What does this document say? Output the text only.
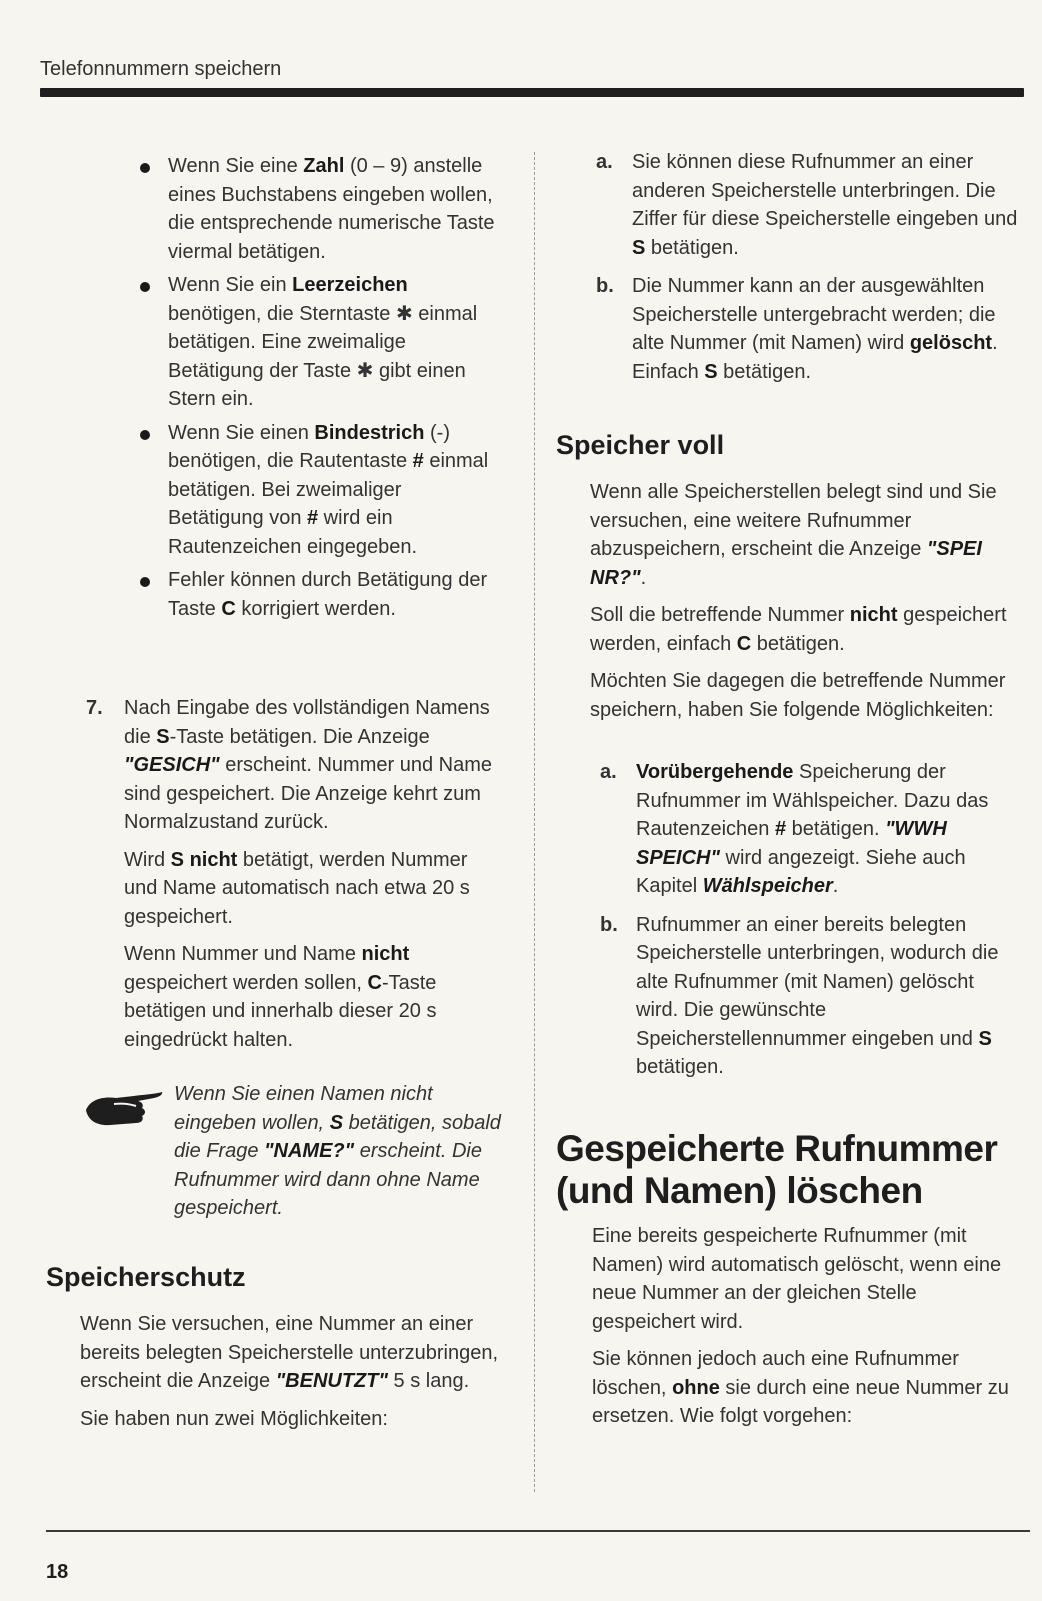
Telefonnummern speichern
Wenn Sie eine Zahl (0 – 9) anstelle eines Buchstabens eingeben wollen, die entsprechende numerische Taste viermal betätigen.
Wenn Sie ein Leerzeichen benötigen, die Sterntaste ✱ einmal betätigen. Eine zweimalige Betätigung der Taste ✱ gibt einen Stern ein.
Wenn Sie einen Bindestrich (-) benötigen, die Rautentaste # einmal betätigen. Bei zweimaliger Betätigung von # wird ein Rautenzeichen eingegeben.
Fehler können durch Betätigung der Taste C korrigiert werden.
7. Nach Eingabe des vollständigen Namens die S-Taste betätigen. Die Anzeige "GESICH" erscheint. Nummer und Name sind gespeichert. Die Anzeige kehrt zum Normalzustand zurück.

Wird S nicht betätigt, werden Nummer und Name automatisch nach etwa 20 s gespeichert.

Wenn Nummer und Name nicht gespeichert werden sollen, C-Taste betätigen und innerhalb dieser 20 s eingedrückt halten.

Wenn Sie einen Namen nicht eingeben wollen, S betätigen, sobald die Frage "NAME?" erscheint. Die Rufnummer wird dann ohne Name gespeichert.
Speicherschutz

Wenn Sie versuchen, eine Nummer an einer bereits belegten Speicherstelle unterzubringen, erscheint die Anzeige "BENUTZT" 5 s lang.

Sie haben nun zwei Möglichkeiten:

a. Sie können diese Rufnummer an einer anderen Speicherstelle unterbringen. Die Ziffer für diese Speicherstelle eingeben und S betätigen.
b. Die Nummer kann an der ausgewählten Speicherstelle untergebracht werden; die alte Nummer (mit Namen) wird gelöscht. Einfach S betätigen.
Speicher voll

Wenn alle Speicherstellen belegt sind und Sie versuchen, eine weitere Rufnummer abzuspeichern, erscheint die Anzeige "SPEI NR?".

Soll die betreffende Nummer nicht gespeichert werden, einfach C betätigen.

Möchten Sie dagegen die betreffende Nummer speichern, haben Sie folgende Möglichkeiten:

a. Vorübergehende Speicherung der Rufnummer im Wählspeicher. Dazu das Rautenzeichen # betätigen. "WWH SPEICH" wird angezeigt. Siehe auch Kapitel Wählspeicher.
b. Rufnummer an einer bereits belegten Speicherstelle unterbringen, wodurch die alte Rufnummer (mit Namen) gelöscht wird. Die gewünschte Speicherstellennummer eingeben und S betätigen.
Gespeicherte Rufnummer
(und Namen) löschen

Eine bereits gespeicherte Rufnummer (mit Namen) wird automatisch gelöscht, wenn eine neue Nummer an der gleichen Stelle gespeichert wird.

Sie können jedoch auch eine Rufnummer löschen, ohne sie durch eine neue Nummer zu ersetzen. Wie folgt vorgehen:

18
